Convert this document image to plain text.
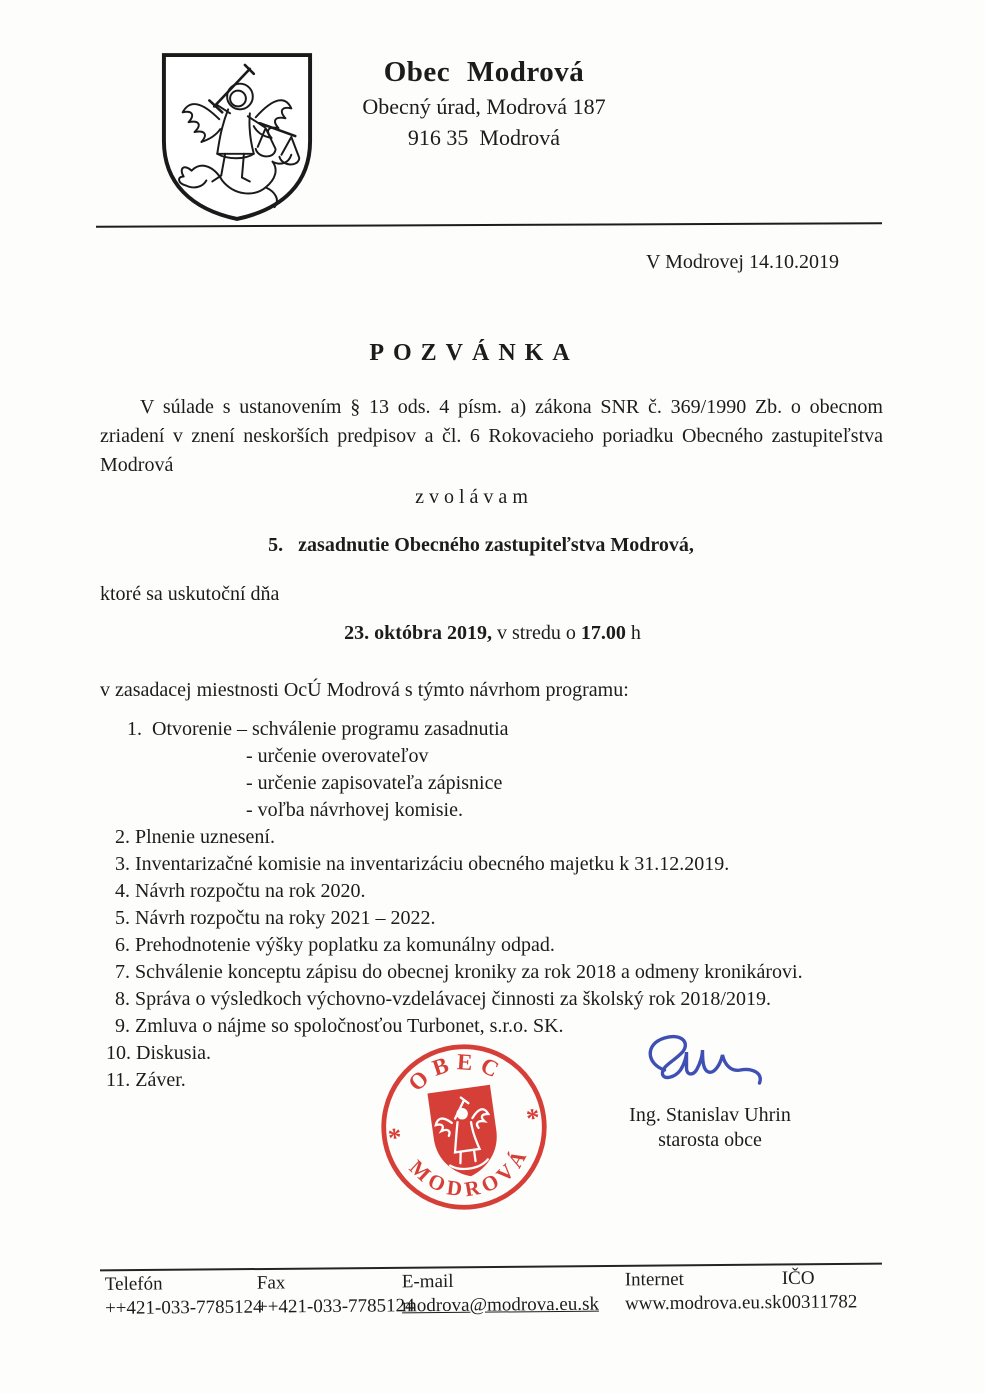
Obec Modrová
Obecný úrad, Modrová 187
916 35  Modrová
V Modrovej 14.10.2019
POZVÁNKA

V súlade s ustanovením § 13 ods. 4 písm. a) zákona SNR č. 369/1990 Zb. o obecnom zriadení v znení neskorších predpisov a čl. 6 Rokovacieho poriadku Obecného zastupiteľstva Modrová

zvolávam
5.   zasadnutie Obecného zastupiteľstva Modrová,
ktoré sa uskutoční dňa
23. októbra 2019, v stredu o 17.00 h
v zasadacej miestnosti OcÚ Modrová s týmto návrhom programu:
1.  Otvorenie – schválenie programu zasadnutia
- určenie overovateľov
- určenie zapisovateľa zápisnice
- voľba návrhovej komisie.
2. Plnenie uznesení.
3. Inventarizačné komisie na inventarizáciu obecného majetku k 31.12.2019.
4. Návrh rozpočtu na rok 2020.
5. Návrh rozpočtu na roky 2021 – 2022.
6. Prehodnotenie výšky poplatku za komunálny odpad.
7. Schválenie konceptu zápisu do obecnej kroniky za rok 2018 a odmeny kronikárovi.
8. Správa o výsledkoch výchovno-vzdelávacej činnosti za školský rok 2018/2019.
9. Zmluva o nájme so spoločnosťou Turbonet, s.r.o. SK.
10. Diskusia.
11. Záver.	OBEC
MODROVÁ
*
*	Ing. Stanislav Uhrin
starosta obce
Telefón
++421-033-7785124
Fax
++421-033-7785124
E-mail
modrova@modrova.eu.sk
Internet
www.modrova.eu.sk
IČO
00311782
